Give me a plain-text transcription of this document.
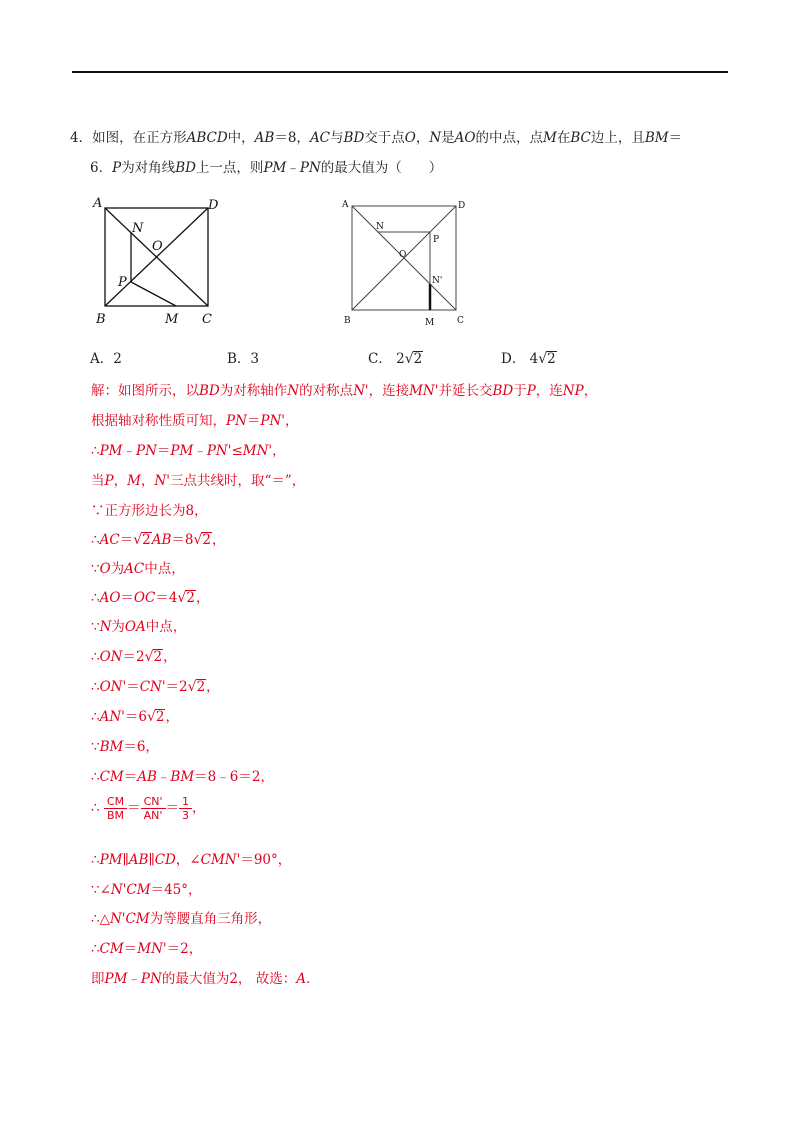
4．如图，在正方形ABCD中，AB＝8，AC与BD交于点O，N是AO的中点，点M在BC边上，且BM＝
6．P为对角线BD上一点，则PM﹣PN的最大值为（　　）
A	D
N
O
P
B	M C
A	D
N
O
P
N'
B	M	C
A．2	B．3	C． 2√2	D． 4√2
解：如图所示，以BD为对称轴作N的对称点N'，连接MN'并延长交BD于P，连NP，
根据轴对称性质可知，PN＝PN'，
∴PM﹣PN＝PM﹣PN'≤MN'，
当P，M，N'三点共线时，取“＝”，
∵正方形边长为8，
∴AC＝√2AB＝8√2，
∵O为AC中点，
∴AO＝OC＝4√2，
∵N为OA中点，
∴ON＝2√2，
∴ON'＝CN'＝2√2，
∴AN'＝6√2，
∵BM＝6，
∴CM＝AB﹣BM＝8﹣6＝2，
∴ $\frac{CM}{BM} = \frac{CN'}{AN'} = \frac{1}{3}$ ，
∴PM∥AB∥CD，∠CMN'＝90°，
∵∠N'CM＝45°，
∴△N'CM为等腰直角三角形，
∴CM＝MN'＝2，
即PM﹣PN的最大值为2， 故选：A．
